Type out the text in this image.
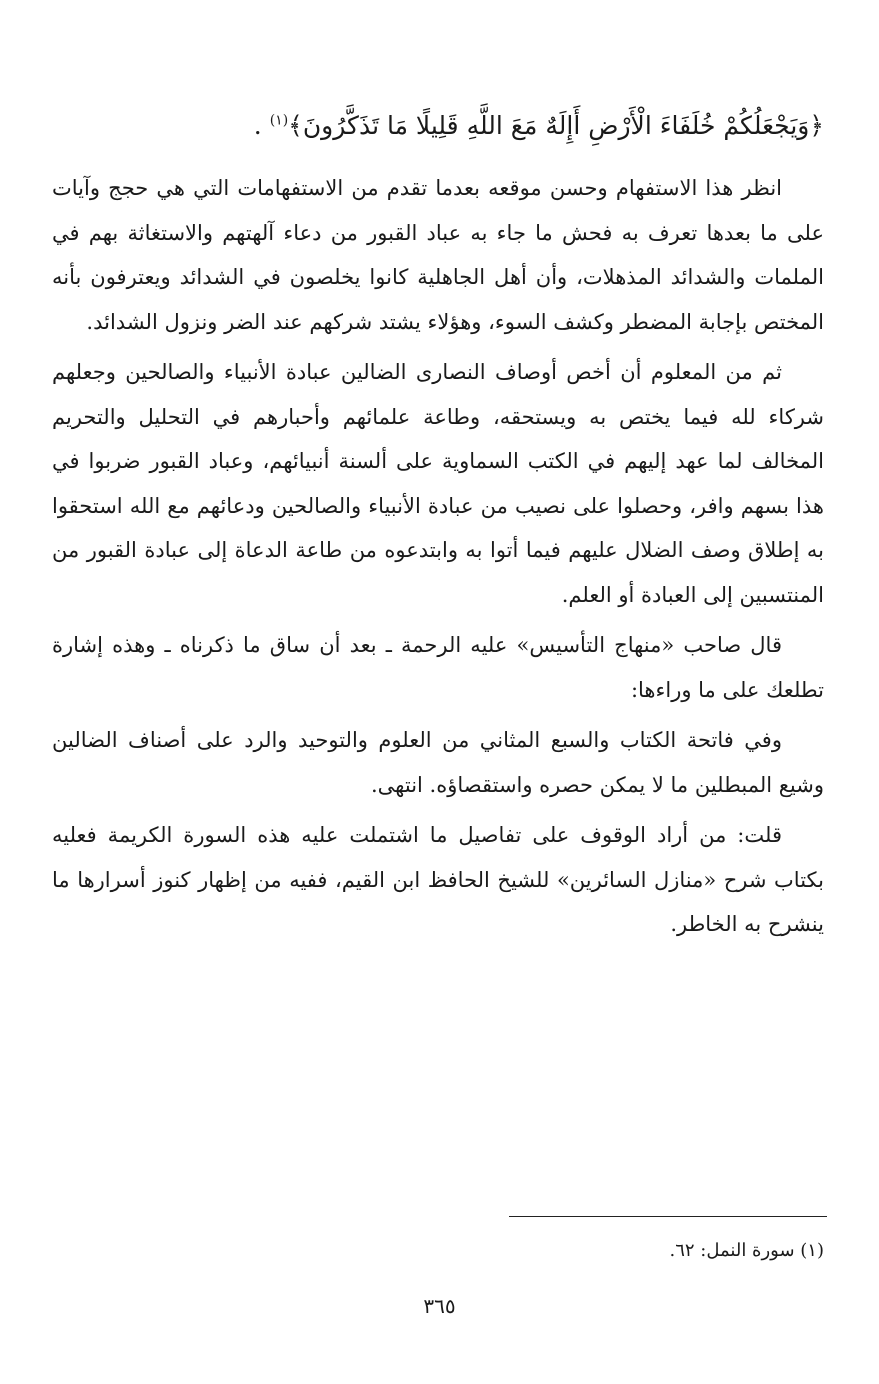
﴿وَيَجْعَلُكُمْ خُلَفَاءَ الْأَرْضِ أَإِلَهٌ مَعَ اللَّهِ قَلِيلًا مَا تَذَكَّرُونَ﴾$^{(١)}$ .

انظر هذا الاستفهام وحسن موقعه بعدما تقدم من الاستفهامات التي هي حجج وآيات على ما بعدها تعرف به فحش ما جاء به عباد القبور من دعاء آلهتهم والاستغاثة بهم في الملمات والشدائد المذهلات، وأن أهل الجاهلية كانوا يخلصون في الشدائد ويعترفون بأنه المختص بإجابة المضطر وكشف السوء، وهؤلاء يشتد شركهم عند الضر ونزول الشدائد.

ثم من المعلوم أن أخص أوصاف النصارى الضالين عبادة الأنبياء والصالحين وجعلهم شركاء لله فيما يختص به ويستحقه، وطاعة علمائهم وأحبارهم في التحليل والتحريم المخالف لما عهد إليهم في الكتب السماوية على ألسنة أنبيائهم، وعباد القبور ضربوا في هذا بسهم وافر، وحصلوا على نصيب من عبادة الأنبياء والصالحين ودعائهم مع الله استحقوا به إطلاق وصف الضلال عليهم فيما أتوا به وابتدعوه من طاعة الدعاة إلى عبادة القبور من المنتسبين إلى العبادة أو العلم.

قال صاحب «منهاج التأسيس» عليه الرحمة ـ بعد أن ساق ما ذكرناه ـ وهذه إشارة تطلعك على ما وراءها:

وفي فاتحة الكتاب والسبع المثاني من العلوم والتوحيد والرد على أصناف الضالين وشيع المبطلين ما لا يمكن حصره واستقصاؤه. انتهى.

قلت: من أراد الوقوف على تفاصيل ما اشتملت عليه هذه السورة الكريمة فعليه بكتاب شرح «منازل السائرين» للشيخ الحافظ ابن القيم، ففيه من إظهار كنوز أسرارها ما ينشرح به الخاطر.

(١) سورة النمل: ٦٢.
٣٦٥
